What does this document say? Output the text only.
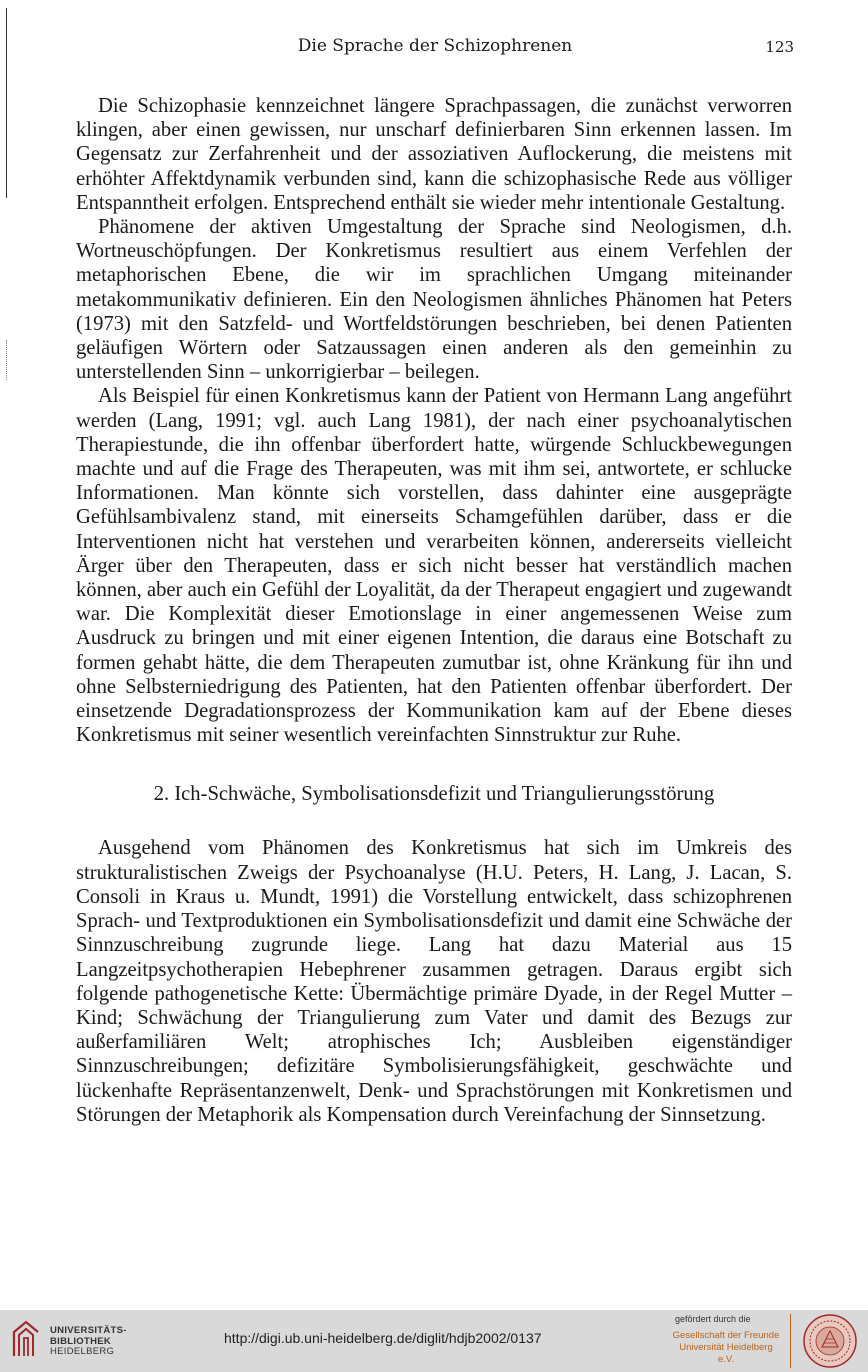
Die Sprache der Schizophrenen	123

Die Schizophasie kennzeichnet längere Sprachpassagen, die zunächst verworren klingen, aber einen gewissen, nur unscharf definierbaren Sinn erkennen lassen. Im Gegensatz zur Zerfahrenheit und der assoziativen Auflockerung, die meistens mit erhöhter Affektdynamik verbunden sind, kann die schizophasische Rede aus völliger Entspanntheit erfolgen. Entsprechend enthält sie wieder mehr intentionale Gestaltung.

Phänomene der aktiven Umgestaltung der Sprache sind Neologismen, d.h. Wortneuschöpfungen. Der Konkretismus resultiert aus einem Verfehlen der metaphorischen Ebene, die wir im sprachlichen Umgang miteinander metakommunikativ definieren. Ein den Neologismen ähnliches Phänomen hat Peters (1973) mit den Satzfeld- und Wortfeldstörungen beschrieben, bei denen Patienten geläufigen Wörtern oder Satzaussagen einen anderen als den gemeinhin zu unterstellenden Sinn – unkorrigierbar – beilegen.

Als Beispiel für einen Konkretismus kann der Patient von Hermann Lang angeführt werden (Lang, 1991; vgl. auch Lang 1981), der nach einer psychoanalytischen Therapiestunde, die ihn offenbar überfordert hatte, würgende Schluckbewegungen machte und auf die Frage des Therapeuten, was mit ihm sei, antwortete, er schlucke Informationen. Man könnte sich vorstellen, dass dahinter eine ausgeprägte Gefühlsambivalenz stand, mit einerseits Schamgefühlen darüber, dass er die Interventionen nicht hat verstehen und verarbeiten können, andererseits vielleicht Ärger über den Therapeuten, dass er sich nicht besser hat verständlich machen können, aber auch ein Gefühl der Loyalität, da der Therapeut engagiert und zugewandt war. Die Komplexität dieser Emotionslage in einer angemessenen Weise zum Ausdruck zu bringen und mit einer eigenen Intention, die daraus eine Botschaft zu formen gehabt hätte, die dem Therapeuten zumutbar ist, ohne Kränkung für ihn und ohne Selbsterniedrigung des Patienten, hat den Patienten offenbar überfordert. Der einsetzende Degradationsprozess der Kommunikation kam auf der Ebene dieses Konkretismus mit seiner wesentlich vereinfachten Sinnstruktur zur Ruhe.

2. Ich-Schwäche, Symbolisationsdefizit und Triangulierungsstörung

Ausgehend vom Phänomen des Konkretismus hat sich im Umkreis des strukturalistischen Zweigs der Psychoanalyse (H.U. Peters, H. Lang, J. Lacan, S. Consoli in Kraus u. Mundt, 1991) die Vorstellung entwickelt, dass schizophrenen Sprach- und Textproduktionen ein Symbolisationsdefizit und damit eine Schwäche der Sinnzuschreibung zugrunde liege. Lang hat dazu Material aus 15 Langzeitpsychotherapien Hebephrener zusammen getragen. Daraus ergibt sich folgende pathogenetische Kette: Übermächtige primäre Dyade, in der Regel Mutter – Kind; Schwächung der Triangulierung zum Vater und damit des Bezugs zur außerfamiliären Welt; atrophisches Ich; Ausbleiben eigenständiger Sinnzuschreibungen; defizitäre Symbolisierungsfähigkeit, geschwächte und lückenhafte Repräsentanzenwelt, Denk- und Sprachstörungen mit Konkretismen und Störungen der Metaphorik als Kompensation durch Vereinfachung der Sinnsetzung.

UNIVERSITÄTS-
BIBLIOTHEK
HEIDELBERG
http://digi.ub.uni-heidelberg.de/diglit/hdjb2002/0137
gefördert durch die
Gesellschaft der Freunde
Universität Heidelberg e.V.
